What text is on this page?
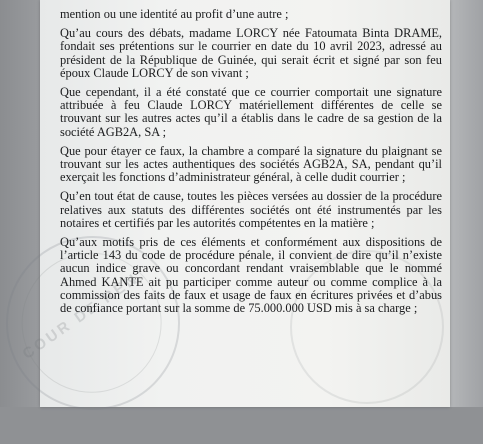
COUR DE REN

mention ou une identité au profit d’une autre ;

Qu’au cours des débats, madame LORCY née Fatoumata Binta DRAME, fondait ses prétentions sur le courrier en date du 10 avril 2023, adressé au président de la République de Guinée, qui serait écrit et signé par son feu époux Claude LORCY de son vivant ;

Que cependant, il a été constaté que ce courrier comportait une signature attribuée à feu Claude LORCY matériellement différentes de celle se trouvant sur les autres actes qu’il a établis dans le cadre de sa gestion de la société AGB2A, SA ;

Que pour étayer ce faux, la chambre a comparé la signature du plaignant se trouvant sur les actes authentiques des sociétés AGB2A, SA, pendant qu’il exerçait les fonctions d’administrateur général, à celle dudit courrier ;

Qu’en tout état de cause, toutes les pièces versées au dossier de la procédure relatives aux statuts des différentes sociétés ont été instrumentés par les notaires et certifiés par les autorités compétentes en la matière ;

Qu’aux motifs pris de ces éléments et conformément aux dispositions de l’article 143 du code de procédure pénale, il convient de dire qu’il n’existe aucun indice grave ou concordant rendant vraisemblable que le nommé Ahmed KANTE ait pu participer comme auteur ou comme complice à la commission des faits de faux et usage de faux en écritures privées et d’abus de confiance portant sur la somme de 75.000.000 USD mis à sa charge ;
